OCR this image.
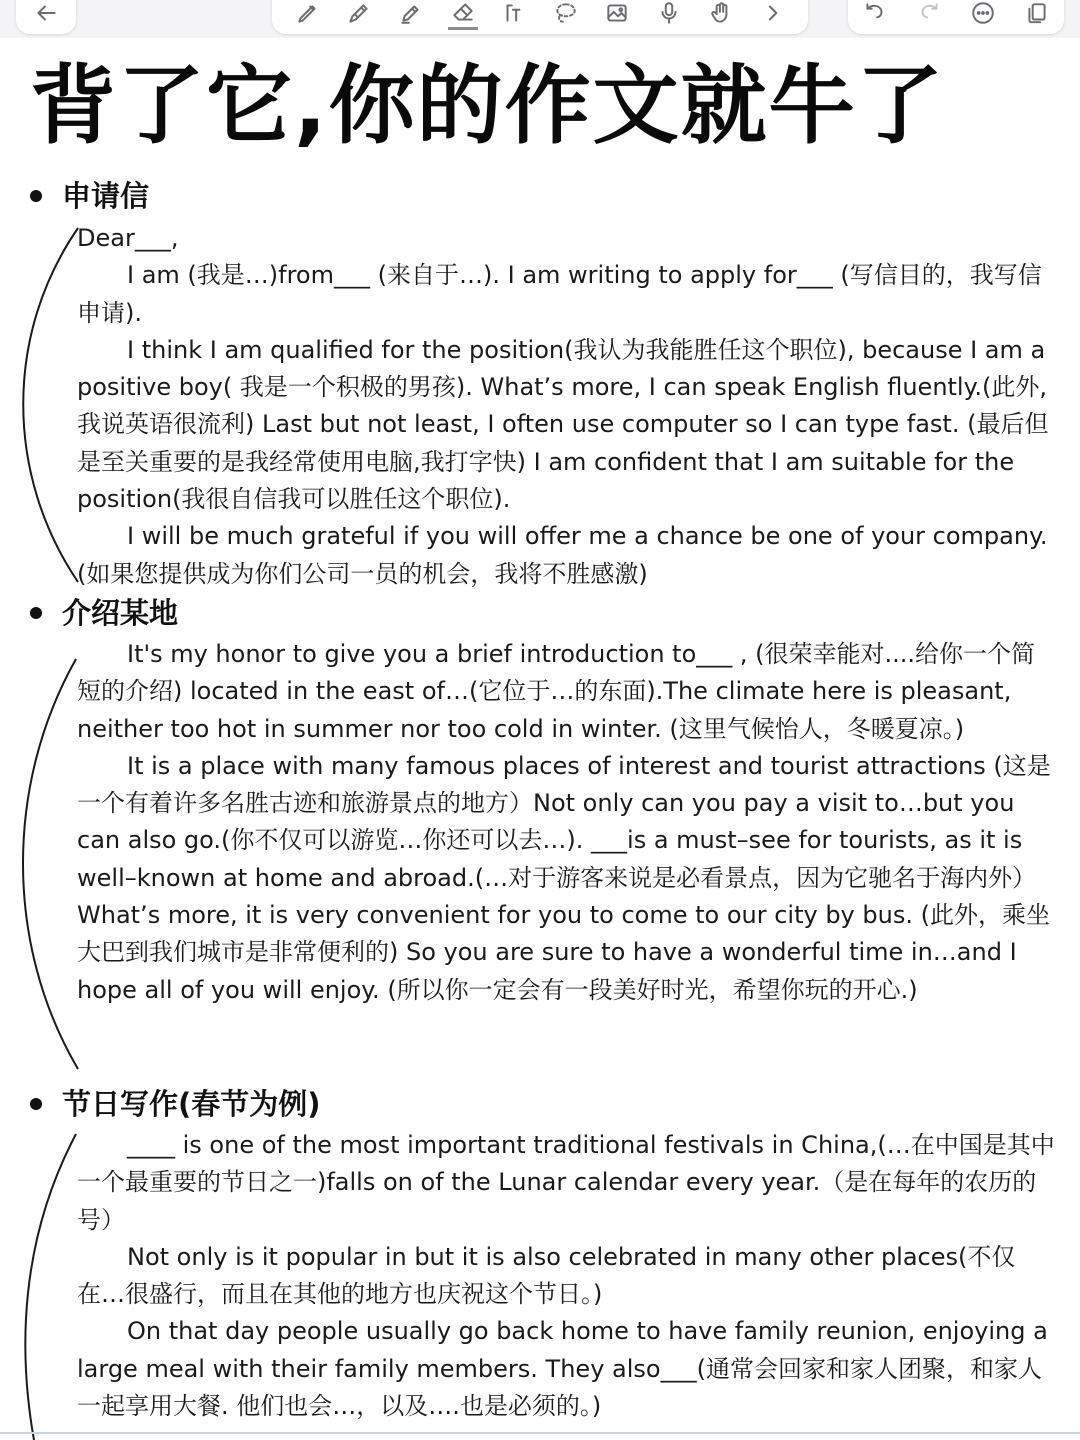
背了它,你的作文就牛了
申请信

Dear___,

I am (我是…)from___ (来自于…). I am writing to apply for___ (写信目的，我写信申请).

I think I am qualified for the position(我认为我能胜任这个职位), because I am a positive boy( 我是一个积极的男孩). What’s more, I can speak English fluently.(此外, 我说英语很流利) Last but not least, I often use computer so I can type fast. (最后但是至关重要的是我经常使用电脑,我打字快) I am confident that I am suitable for the position(我很自信我可以胜任这个职位).

I will be much grateful if you will offer me a chance be one of your company.(如果您提供成为你们公司一员的机会，我将不胜感激)

介绍某地

It's my honor to give you a brief introduction to___ , (很荣幸能对....给你一个简短的介绍) located in the east of…(它位于…的东面).The climate here is pleasant, neither too hot in summer nor too cold in winter. (这里气候怡人，冬暖夏凉。)

It is a place with many famous places of interest and tourist attractions (这是一个有着许多名胜古迹和旅游景点的地方）Not only can you pay a visit to…but you can also go.(你不仅可以游览…你还可以去…). ___is a must–see for tourists, as it is well–known at home and abroad.(…对于游客来说是必看景点，因为它驰名于海内外）What’s more, it is very convenient for you to come to our city by bus. (此外，乘坐大巴到我们城市是非常便利的) So you are sure to have a wonderful time in…and I hope all of you will enjoy. (所以你一定会有一段美好时光，希望你玩的开心.)

节日写作(春节为例)

____ is one of the most important traditional festivals in China,(…在中国是其中一个最重要的节日之一)falls on of the Lunar calendar every year.（是在每年的农历的号）

Not only is it popular in but it is also celebrated in many other places(不仅在…很盛行，而且在其他的地方也庆祝这个节日。)

On that day people usually go back home to have family reunion, enjoying a large meal with their family members. They also___(通常会回家和家人团聚，和家人一起享用大餐. 他们也会…，以及….也是必须的。)
